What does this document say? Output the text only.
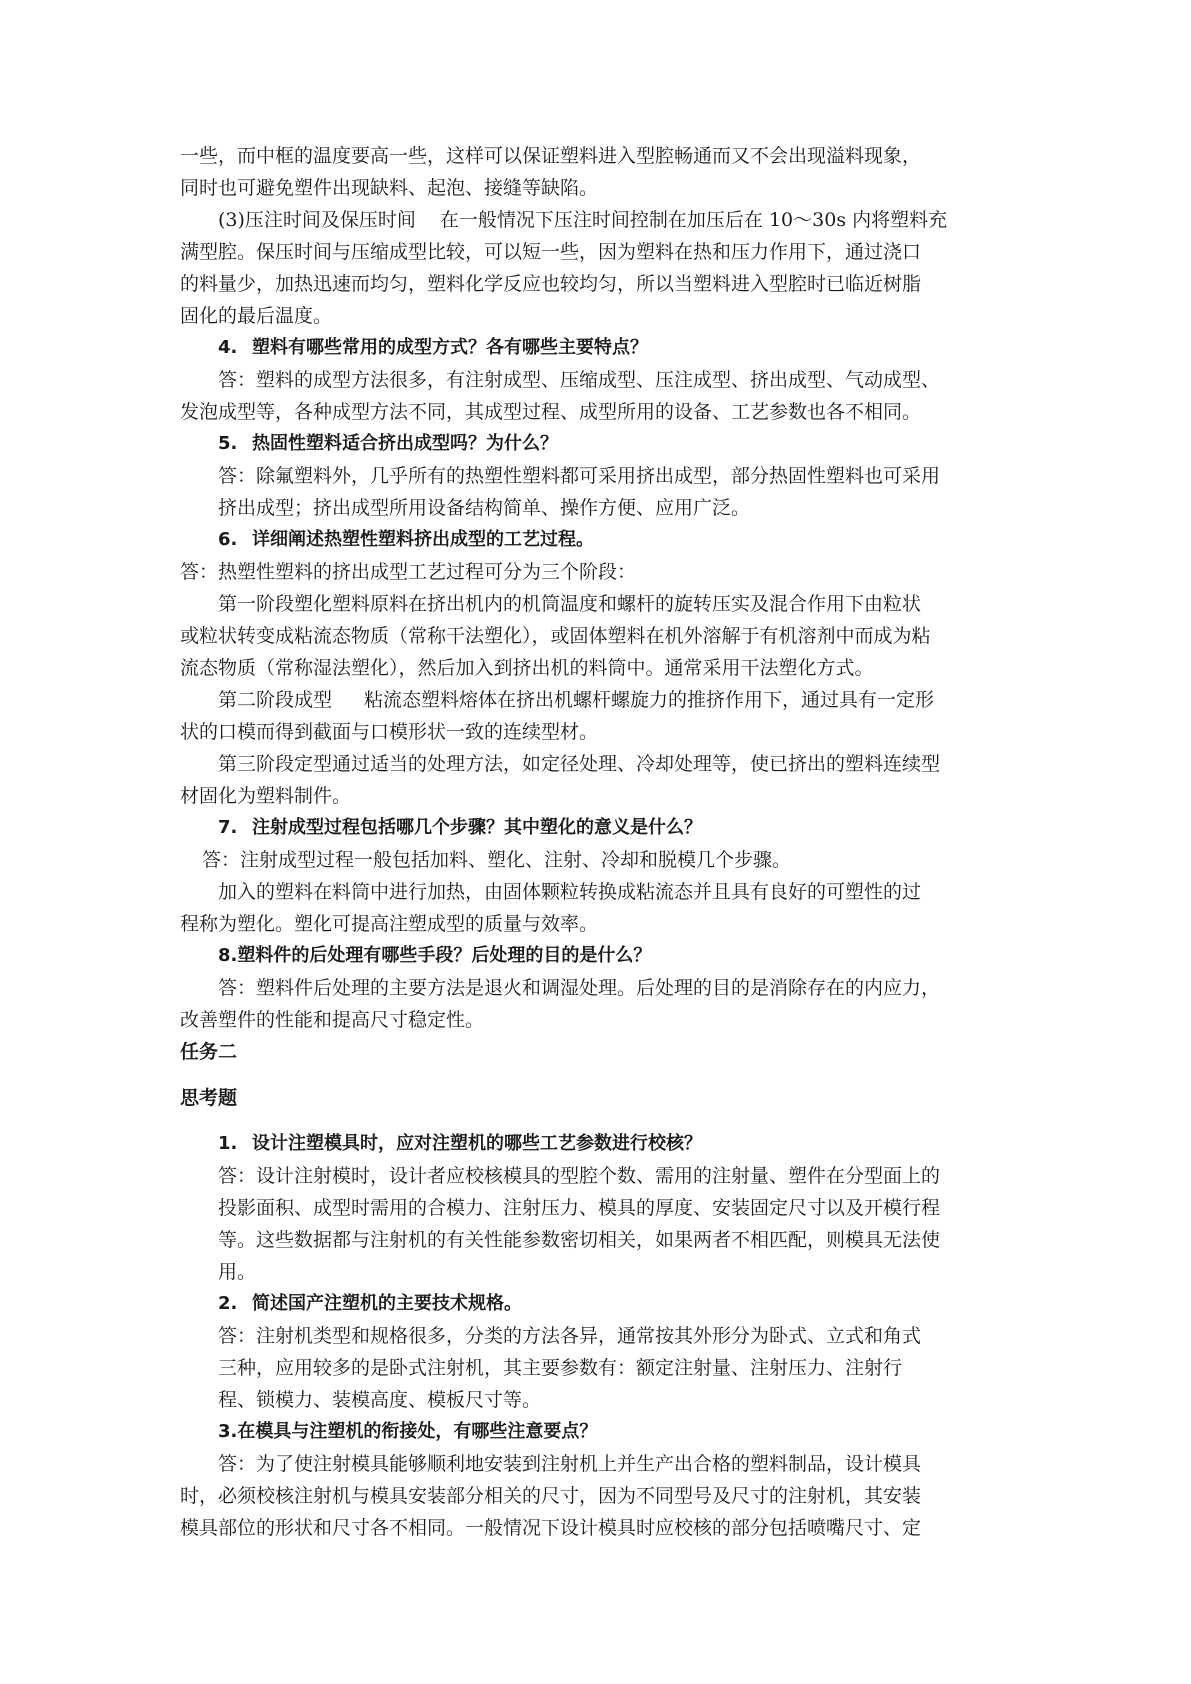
一些，而中框的温度要高一些，这样可以保证塑料进入型腔畅通而又不会出现溢料现象，
同时也可避免塑件出现缺料、起泡、接缝等缺陷。

(3)压注时间及保压时间 在一般情况下压注时间控制在加压后在 10～30s 内将塑料充
满型腔。保压时间与压缩成型比较，可以短一些，因为塑料在热和压力作用下，通过浇口
的料量少，加热迅速而均匀，塑料化学反应也较均匀，所以当塑料进入型腔时已临近树脂
固化的最后温度。

4. 塑料有哪些常用的成型方式？各有哪些主要特点？

答：塑料的成型方法很多，有注射成型、压缩成型、压注成型、挤出成型、气动成型、
发泡成型等，各种成型方法不同，其成型过程、成型所用的设备、工艺参数也各不相同。

5. 热固性塑料适合挤出成型吗？为什么？

答：除氟塑料外，几乎所有的热塑性塑料都可采用挤出成型，部分热固性塑料也可采用
挤出成型；挤出成型所用设备结构简单、操作方便、应用广泛。

6. 详细阐述热塑性塑料挤出成型的工艺过程。

答：热塑性塑料的挤出成型工艺过程可分为三个阶段：
第一阶段塑化塑料原料在挤出机内的机筒温度和螺杆的旋转压实及混合作用下由粒状
或粒状转变成粘流态物质（常称干法塑化），或固体塑料在机外溶解于有机溶剂中而成为粘
流态物质（常称湿法塑化），然后加入到挤出机的料筒中。通常采用干法塑化方式。
第二阶段成型 粘流态塑料熔体在挤出机螺杆螺旋力的推挤作用下，通过具有一定形
状的口模而得到截面与口模形状一致的连续型材。
第三阶段定型通过适当的处理方法，如定径处理、冷却处理等，使已挤出的塑料连续型
材固化为塑料制件。

7. 注射成型过程包括哪几个步骤？其中塑化的意义是什么？

答：注射成型过程一般包括加料、塑化、注射、冷却和脱模几个步骤。
加入的塑料在料筒中进行加热，由固体颗粒转换成粘流态并且具有良好的可塑性的过
程称为塑化。塑化可提高注塑成型的质量与效率。

8.塑料件的后处理有哪些手段？后处理的目的是什么？

答：塑料件后处理的主要方法是退火和调湿处理。后处理的目的是消除存在的内应力，
改善塑件的性能和提高尺寸稳定性。

任务二

思考题

1. 设计注塑模具时，应对注塑机的哪些工艺参数进行校核？

答：设计注射模时，设计者应校核模具的型腔个数、需用的注射量、塑件在分型面上的
投影面积、成型时需用的合模力、注射压力、模具的厚度、安装固定尺寸以及开模行程
等。这些数据都与注射机的有关性能参数密切相关，如果两者不相匹配，则模具无法使
用。

2. 简述国产注塑机的主要技术规格。

答：注射机类型和规格很多，分类的方法各异，通常按其外形分为卧式、立式和角式
三种，应用较多的是卧式注射机，其主要参数有：额定注射量、注射压力、注射行
程、锁模力、装模高度、模板尺寸等。

3.在模具与注塑机的衔接处，有哪些注意要点？

答：为了使注射模具能够顺利地安装到注射机上并生产出合格的塑料制品，设计模具
时，必须校核注射机与模具安装部分相关的尺寸，因为不同型号及尺寸的注射机，其安装
模具部位的形状和尺寸各不相同。一般情况下设计模具时应校核的部分包括喷嘴尺寸、定
